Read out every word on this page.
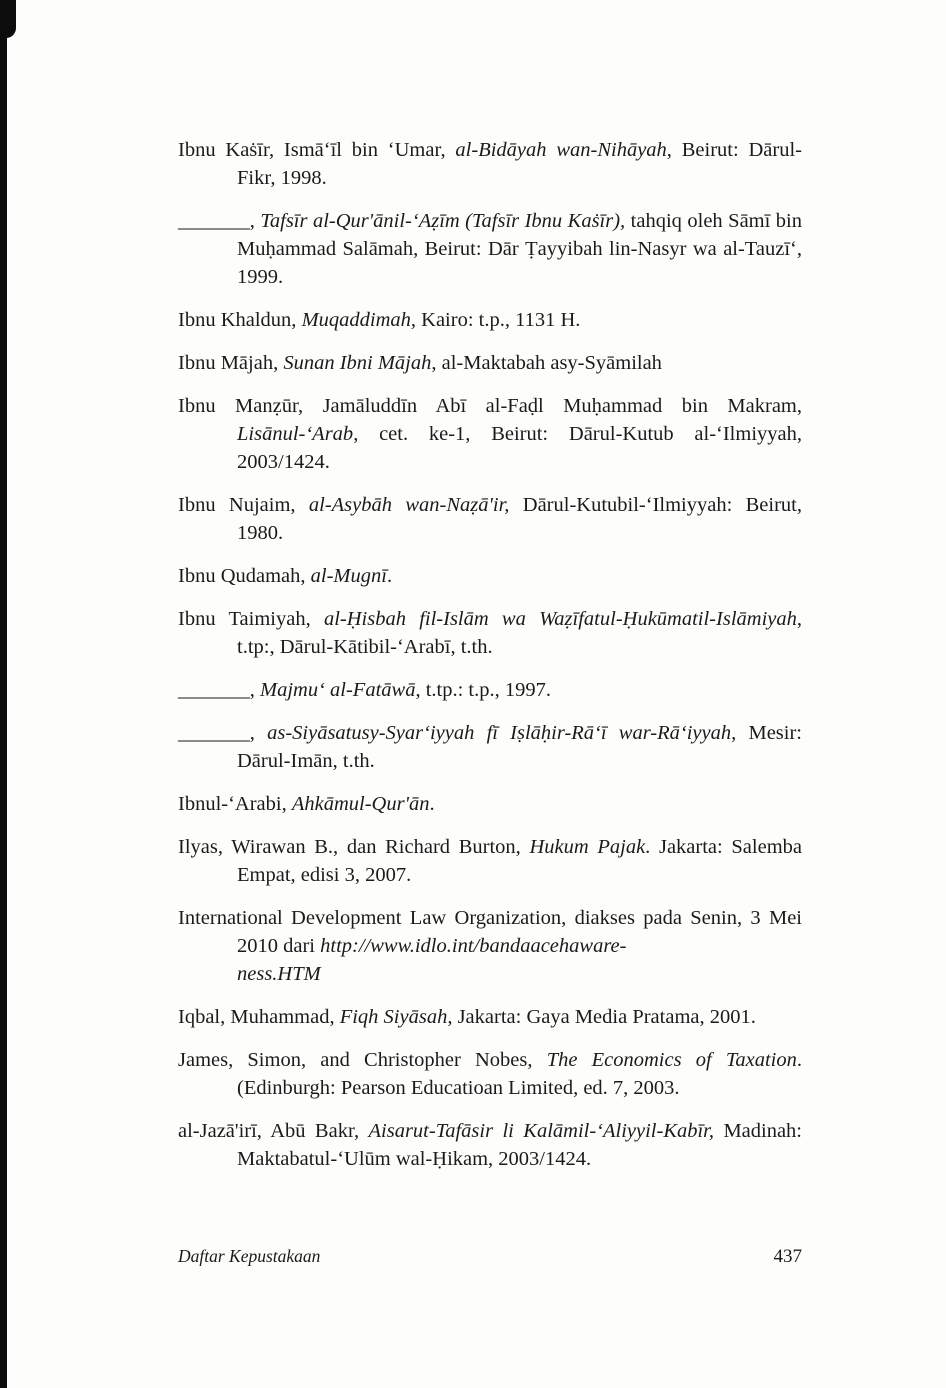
Ibnu Kaṡīr, Ismā‘īl bin ‘Umar, al-Bidāyah wan-Nihāyah, Beirut: Dārul-Fikr, 1998.

_______, Tafsīr al-Qur'ānil-‘Aẓīm (Tafsīr Ibnu Kaṡīr), tahqiq oleh Sāmī bin Muḥammad Salāmah, Beirut: Dār Ṭayyibah lin-Nasyr wa al-Tauzī‘, 1999.

Ibnu Khaldun, Muqaddimah, Kairo: t.p., 1131 H.

Ibnu Mājah, Sunan Ibni Mājah, al-Maktabah asy-Syāmilah

Ibnu Manẓūr, Jamāluddīn Abī al-Faḍl Muḥammad bin Makram, Lisānul-‘Arab, cet. ke-1, Beirut: Dārul-Kutub al-‘Ilmiyyah, 2003/1424.

Ibnu Nujaim, al-Asybāh wan-Naẓā'ir, Dārul-Kutubil-‘Ilmiyyah: Beirut, 1980.

Ibnu Qudamah, al-Mugnī.

Ibnu Taimiyah, al-Ḥisbah fil-Islām wa Waẓīfatul-Ḥukūmatil-Islāmiyah, t.tp:, Dārul-Kātibil-‘Arabī, t.th.

_______, Majmu‘ al-Fatāwā, t.tp.: t.p., 1997.

_______, as-Siyāsatusy-Syar‘iyyah fī Iṣlāḥir-Rā‘ī war-Rā‘iyyah, Mesir: Dārul-Imān, t.th.

Ibnul-‘Arabi, Ahkāmul-Qur'ān.

Ilyas, Wirawan B., dan Richard Burton, Hukum Pajak. Jakarta: Salemba Empat, edisi 3, 2007.

International Development Law Organization, diakses pada Senin, 3 Mei 2010 dari http://www.idlo.int/bandaacehaware-
ness.HTM

Iqbal, Muhammad, Fiqh Siyāsah, Jakarta: Gaya Media Pratama, 2001.

James, Simon, and Christopher Nobes, The Economics of Taxation. (Edinburgh: Pearson Educatioan Limited, ed. 7, 2003.

al-Jazā'irī, Abū Bakr, Aisarut-Tafāsir li Kalāmil-‘Aliyyil-Kabīr, Madinah: Maktabatul-‘Ulūm wal-Ḥikam, 2003/1424.

Daftar Kepustakaan	437
